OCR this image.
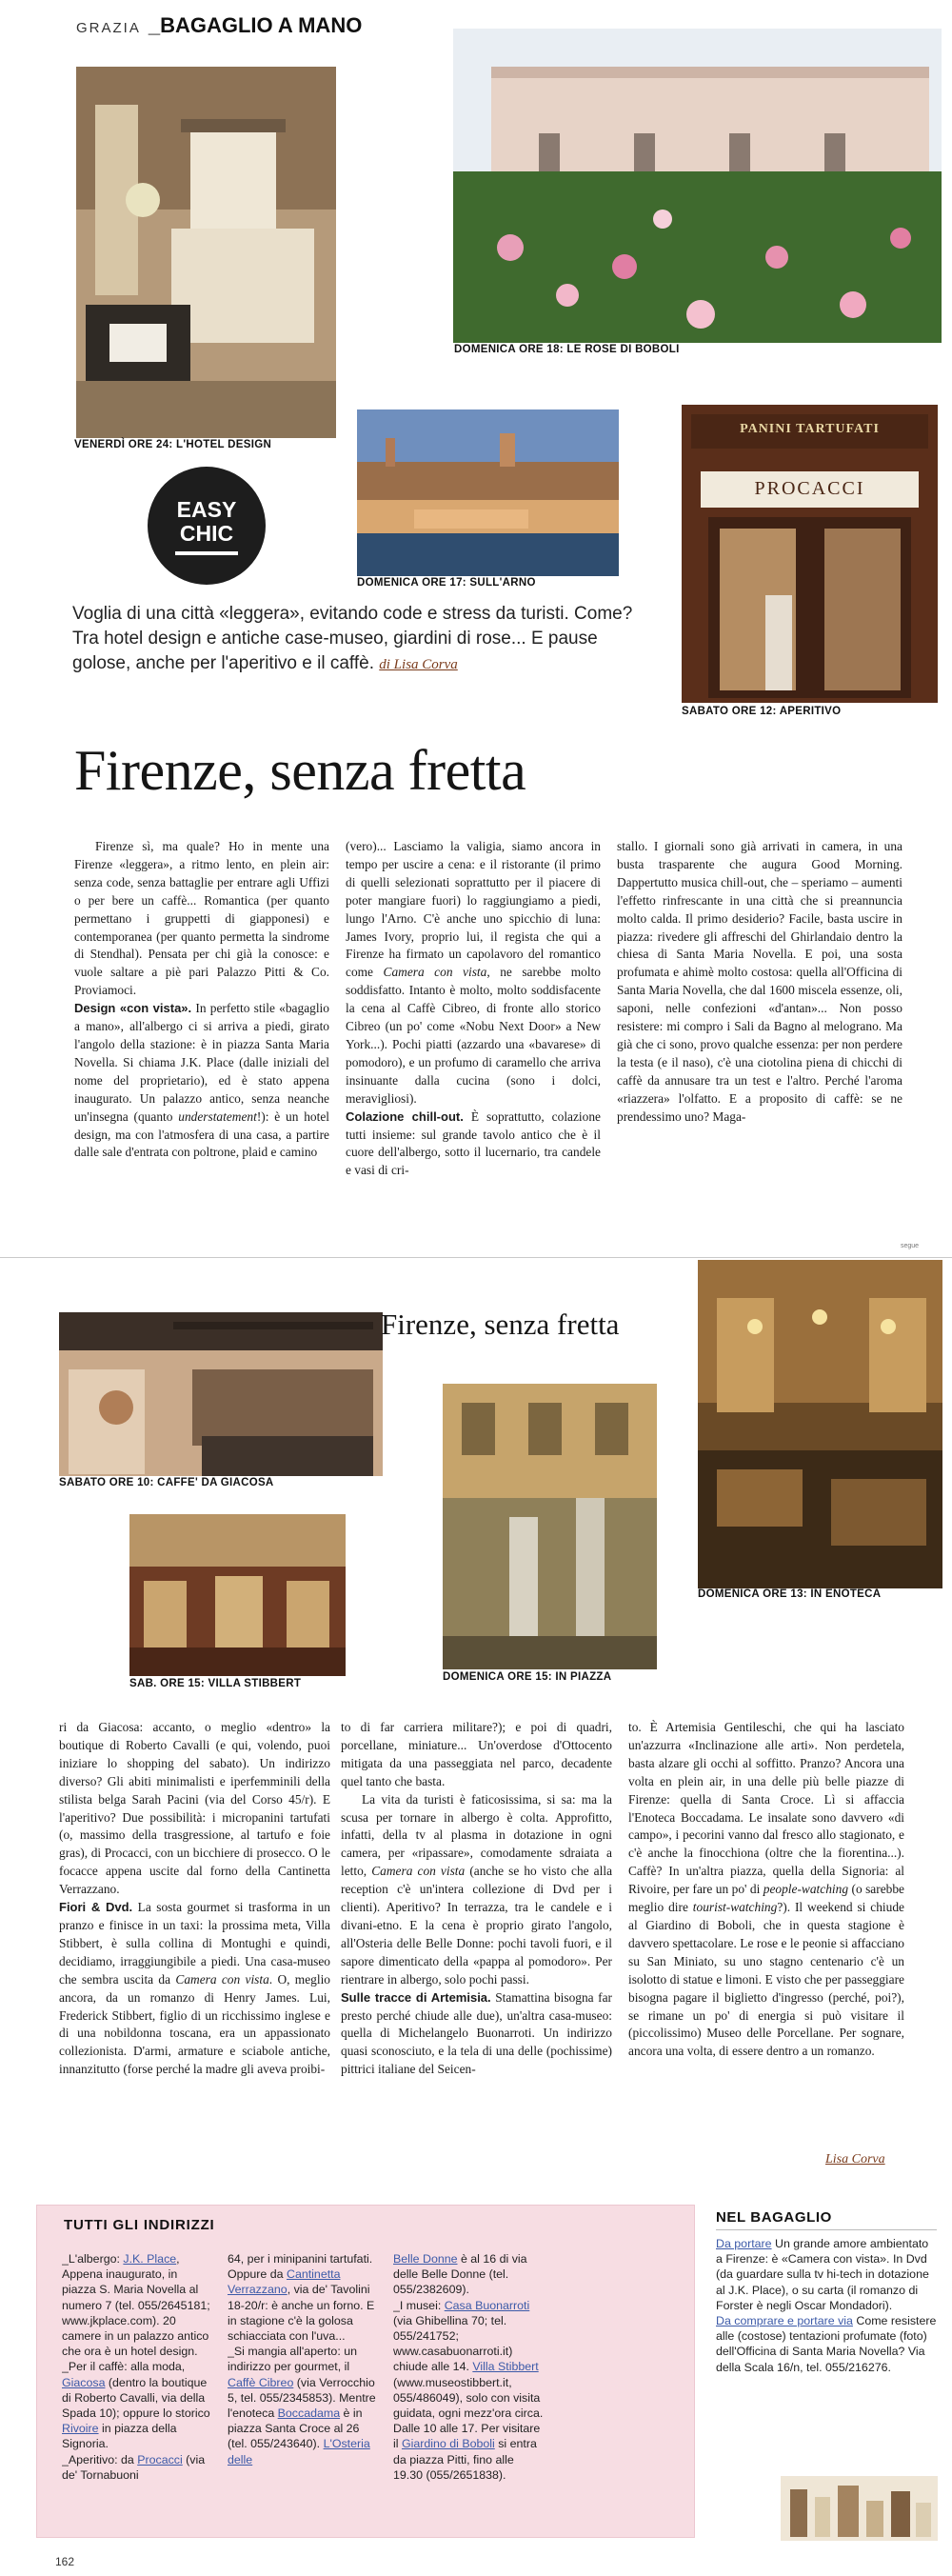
GRAZIA _BAGAGLIO A MANO
VENERDÌ ORE 24: L'HOTEL DESIGN
DOMENICA ORE 18: LE ROSE DI BOBOLI
DOMENICA ORE 17: SULL'ARNO
PANINI TARTUFATI
PROCACCI
SABATO ORE 12: APERITIVO
EASY
CHIC
Voglia di una città «leggera», evitando code e stress da turisti. Come? Tra hotel design e antiche case-museo, giardini di rose... E pause golose, anche per l'aperitivo e il caffè. di Lisa Corva
Firenze, senza fretta

Firenze sì, ma quale? Ho in mente una Firenze «leggera», a ritmo lento, en plein air: senza code, senza battaglie per entrare agli Uffizi o per bere un caffè... Romantica (per quanto permettano i gruppetti di giapponesi) e contemporanea (per quanto permetta la sindrome di Stendhal). Pensata per chi già la conosce: e vuole saltare a piè pari Palazzo Pitti & Co. Proviamoci.

Design «con vista». In perfetto stile «bagaglio a mano», all'albergo ci si arriva a piedi, girato l'angolo della stazione: è in piazza Santa Maria Novella. Si chiama J.K. Place (dalle iniziali del nome del proprietario), ed è stato appena inaugurato. Un palazzo antico, senza neanche un'insegna (quanto understatement!): è un hotel design, ma con l'atmosfera di una casa, a partire dalle sale d'entrata con poltrone, plaid e camino

(vero)... Lasciamo la valigia, siamo ancora in tempo per uscire a cena: e il ristorante (il primo di quelli selezionati soprattutto per il piacere di poter mangiare fuori) lo raggiungiamo a piedi, lungo l'Arno. C'è anche uno spicchio di luna: James Ivory, proprio lui, il regista che qui a Firenze ha firmato un capolavoro del romantico come Camera con vista, ne sarebbe molto soddisfatto. Intanto è molto, molto soddisfacente la cena al Caffè Cibreo, di fronte allo storico Cibreo (un po' come «Nobu Next Door» a New York...). Pochi piatti (azzardo una «bavarese» di pomodoro), e un profumo di caramello che arriva insinuante dalla cucina (sono i dolci, meravigliosi).

Colazione chill-out. È soprattutto, colazione tutti insieme: sul grande tavolo antico che è il cuore dell'albergo, sotto il lucernario, tra candele e vasi di cri-

stallo. I giornali sono già arrivati in camera, in una busta trasparente che augura Good Morning. Dappertutto musica chill-out, che – speriamo – aumenti l'effetto rinfrescante in una città che si preannuncia molto calda. Il primo desiderio? Facile, basta uscire in piazza: rivedere gli affreschi del Ghirlandaio dentro la chiesa di Santa Maria Novella. E poi, una sosta profumata e ahimè molto costosa: quella all'Officina di Santa Maria Novella, che dal 1600 miscela essenze, oli, saponi, nelle confezioni «d'antan»... Non posso resistere: mi compro i Sali da Bagno al melograno. Ma già che ci sono, provo qualche essenza: per non perdere la testa (e il naso), c'è una ciotolina piena di chicchi di caffè da annusare tra un test e l'altro. Perché l'aroma «riazzera» l'olfatto. E a proposito di caffè: se ne prendessimo uno? Maga-

segue
SABATO ORE 10: CAFFE' DA GIACOSA
Firenze, senza fretta
DOMENICA ORE 13: IN ENOTECA
SAB. ORE 15: VILLA STIBBERT
DOMENICA ORE 15: IN PIAZZA

ri da Giacosa: accanto, o meglio «dentro» la boutique di Roberto Cavalli (e qui, volendo, puoi iniziare lo shopping del sabato). Un indirizzo diverso? Gli abiti minimalisti e iperfemminili della stilista belga Sarah Pacini (via del Corso 45/r). E l'aperitivo? Due possibilità: i micropanini tartufati (o, massimo della trasgressione, al tartufo e foie gras), di Procacci, con un bicchiere di prosecco. O le focacce appena uscite dal forno della Cantinetta Verrazzano.

Fiori & Dvd. La sosta gourmet si trasforma in un pranzo e finisce in un taxi: la prossima meta, Villa Stibbert, è sulla collina di Montughi e quindi, decidiamo, irraggiungibile a piedi. Una casa-museo che sembra uscita da Camera con vista. O, meglio ancora, da un romanzo di Henry James. Lui, Frederick Stibbert, figlio di un ricchissimo inglese e di una nobildonna toscana, era un appassionato collezionista. D'armi, armature e sciabole antiche, innanzitutto (forse perché la madre gli aveva proibi-

to di far carriera militare?); e poi di quadri, porcellane, miniature... Un'overdose d'Ottocento mitigata da una passeggiata nel parco, decadente quel tanto che basta.

La vita da turisti è faticosissima, si sa: ma la scusa per tornare in albergo è colta. Approfitto, infatti, della tv al plasma in dotazione in ogni camera, per «ripassare», comodamente sdraiata a letto, Camera con vista (anche se ho visto che alla reception c'è un'intera collezione di Dvd per i clienti). Aperitivo? In terrazza, tra le candele e i divani-etno. E la cena è proprio girato l'angolo, all'Osteria delle Belle Donne: pochi tavoli fuori, e il sapore dimenticato della «pappa al pomodoro». Per rientrare in albergo, solo pochi passi.

Sulle tracce di Artemisia. Stamattina bisogna far presto perché chiude alle due), un'altra casa-museo: quella di Michelangelo Buonarroti. Un indirizzo quasi sconosciuto, e la tela di una delle (pochissime) pittrici italiane del Seicen-

to. È Artemisia Gentileschi, che qui ha lasciato un'azzurra «Inclinazione alle arti». Non perdetela, basta alzare gli occhi al soffitto. Pranzo? Ancora una volta en plein air, in una delle più belle piazze di Firenze: quella di Santa Croce. Lì si affaccia l'Enoteca Boccadama. Le insalate sono davvero «di campo», i pecorini vanno dal fresco allo stagionato, e c'è anche la finocchiona (oltre che la fiorentina...). Caffè? In un'altra piazza, quella della Signoria: al Rivoire, per fare un po' di people-watching (o sarebbe meglio dire tourist-watching?). Il weekend si chiude al Giardino di Boboli, che in questa stagione è davvero spettacolare. Le rose e le peonie si affacciano su San Miniato, su uno stagno centenario c'è un isolotto di statue e limoni. E visto che per passeggiare bisogna pagare il biglietto d'ingresso (perché, poi?), se rimane un po' di energia si può visitare il (piccolissimo) Museo delle Porcellane. Per sognare, ancora una volta, di essere dentro a un romanzo.

Lisa Corva
TUTTI GLI INDIRIZZI
_L'albergo: J.K. Place, Appena inaugurato, in piazza S. Maria Novella al numero 7 (tel. 055/2645181; www.jkplace.com). 20 camere in un palazzo antico che ora è un hotel design.
_Per il caffè: alla moda, Giacosa (dentro la boutique di Roberto Cavalli, via della Spada 10); oppure lo storico Rivoire in piazza della Signoria.
_Aperitivo: da Procacci (via de' Tornabuoni
64, per i minipanini tartufati. Oppure da Cantinetta Verrazzano, via de' Tavolini 18-20/r: è anche un forno. E in stagione c'è la golosa schiacciata con l'uva...
_Si mangia all'aperto: un indirizzo per gourmet, il Caffè Cibreo (via Verrocchio 5, tel. 055/2345853). Mentre l'enoteca Boccadama è in piazza Santa Croce al 26 (tel. 055/243640). L'Osteria delle
Belle Donne è al 16 di via delle Belle Donne (tel. 055/2382609).
_I musei: Casa Buonarroti (via Ghibellina 70; tel. 055/241752; www.casabuonarroti.it) chiude alle 14. Villa Stibbert (www.museostibbert.it, 055/486049), solo con visita guidata, ogni mezz'ora circa. Dalle 10 alle 17. Per visitare il Giardino di Boboli si entra da piazza Pitti, fino alle 19.30 (055/2651838).
NEL BAGAGLIO
Da portare Un grande amore ambientato a Firenze: è «Camera con vista». In Dvd (da guardare sulla tv hi-tech in dotazione al J.K. Place), o su carta (il romanzo di Forster è negli Oscar Mondadori).
Da comprare e portare via Come resistere alle (costose) tentazioni profumate (foto) dell'Officina di Santa Maria Novella? Via della Scala 16/n, tel. 055/216276.
162
